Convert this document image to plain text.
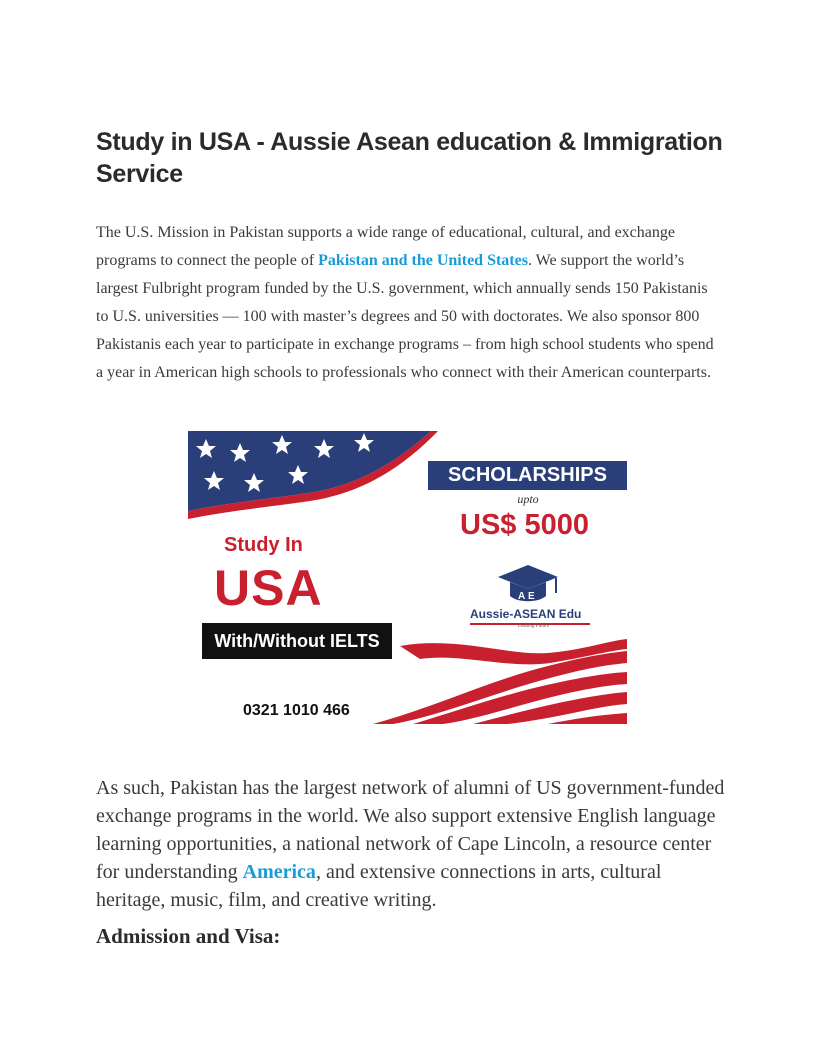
Study in USA - Aussie Asean education & Immigration Service

The U.S. Mission in Pakistan supports a wide range of educational, cultural, and exchange programs to connect the people of Pakistan and the United States. We support the world’s largest Fulbright program funded by the U.S. government, which annually sends 150 Pakistanis to U.S. universities — 100 with master’s degrees and 50 with doctorates. We also sponsor 800 Pakistanis each year to participate in exchange programs – from high school students who spend a year in American high schools to professionals who connect with their American counterparts.

A E
Study In
USA
With/Without IELTS
0321 1010 466
SCHOLARSHIPS
upto
US$ 5000
Aussie-ASEAN Edu
Leading Future

As such, Pakistan has the largest network of alumni of US government-funded exchange programs in the world. We also support extensive English language learning opportunities, a national network of Cape Lincoln, a resource center for understanding America, and extensive connections in arts, cultural heritage, music, film, and creative writing.

Admission and Visa:
